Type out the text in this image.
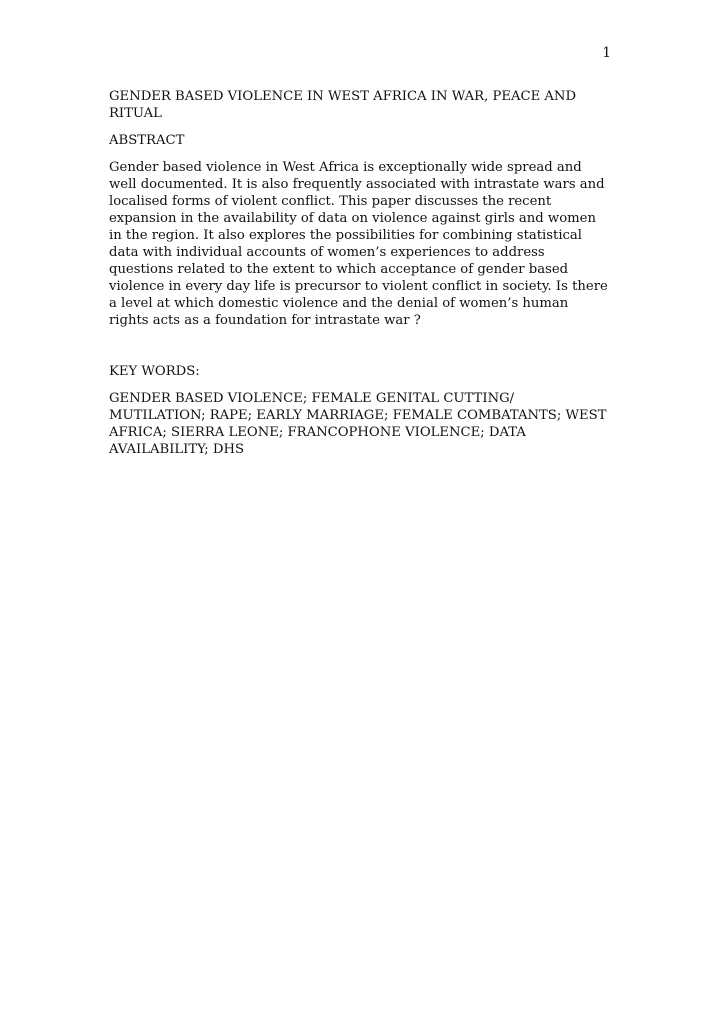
1

GENDER BASED VIOLENCE IN WEST AFRICA IN WAR, PEACE AND RITUAL

ABSTRACT

Gender based violence in West Africa is exceptionally wide spread and well documented. It is also frequently associated with intrastate wars and localised forms of violent conflict. This paper discusses the recent expansion in the availability of data on violence against girls and women in the region. It also explores the possibilities for combining statistical data with individual accounts of women’s experiences to address questions related to the extent to which acceptance of gender based violence in every day life is precursor to violent conflict in society. Is there a level at which domestic violence and the denial of women’s human rights acts as a foundation for intrastate war ?

KEY WORDS:

GENDER BASED VIOLENCE; FEMALE GENITAL CUTTING/ MUTILATION; RAPE; EARLY MARRIAGE; FEMALE COMBATANTS; WEST AFRICA; SIERRA LEONE; FRANCOPHONE VIOLENCE; DATA AVAILABILITY; DHS
